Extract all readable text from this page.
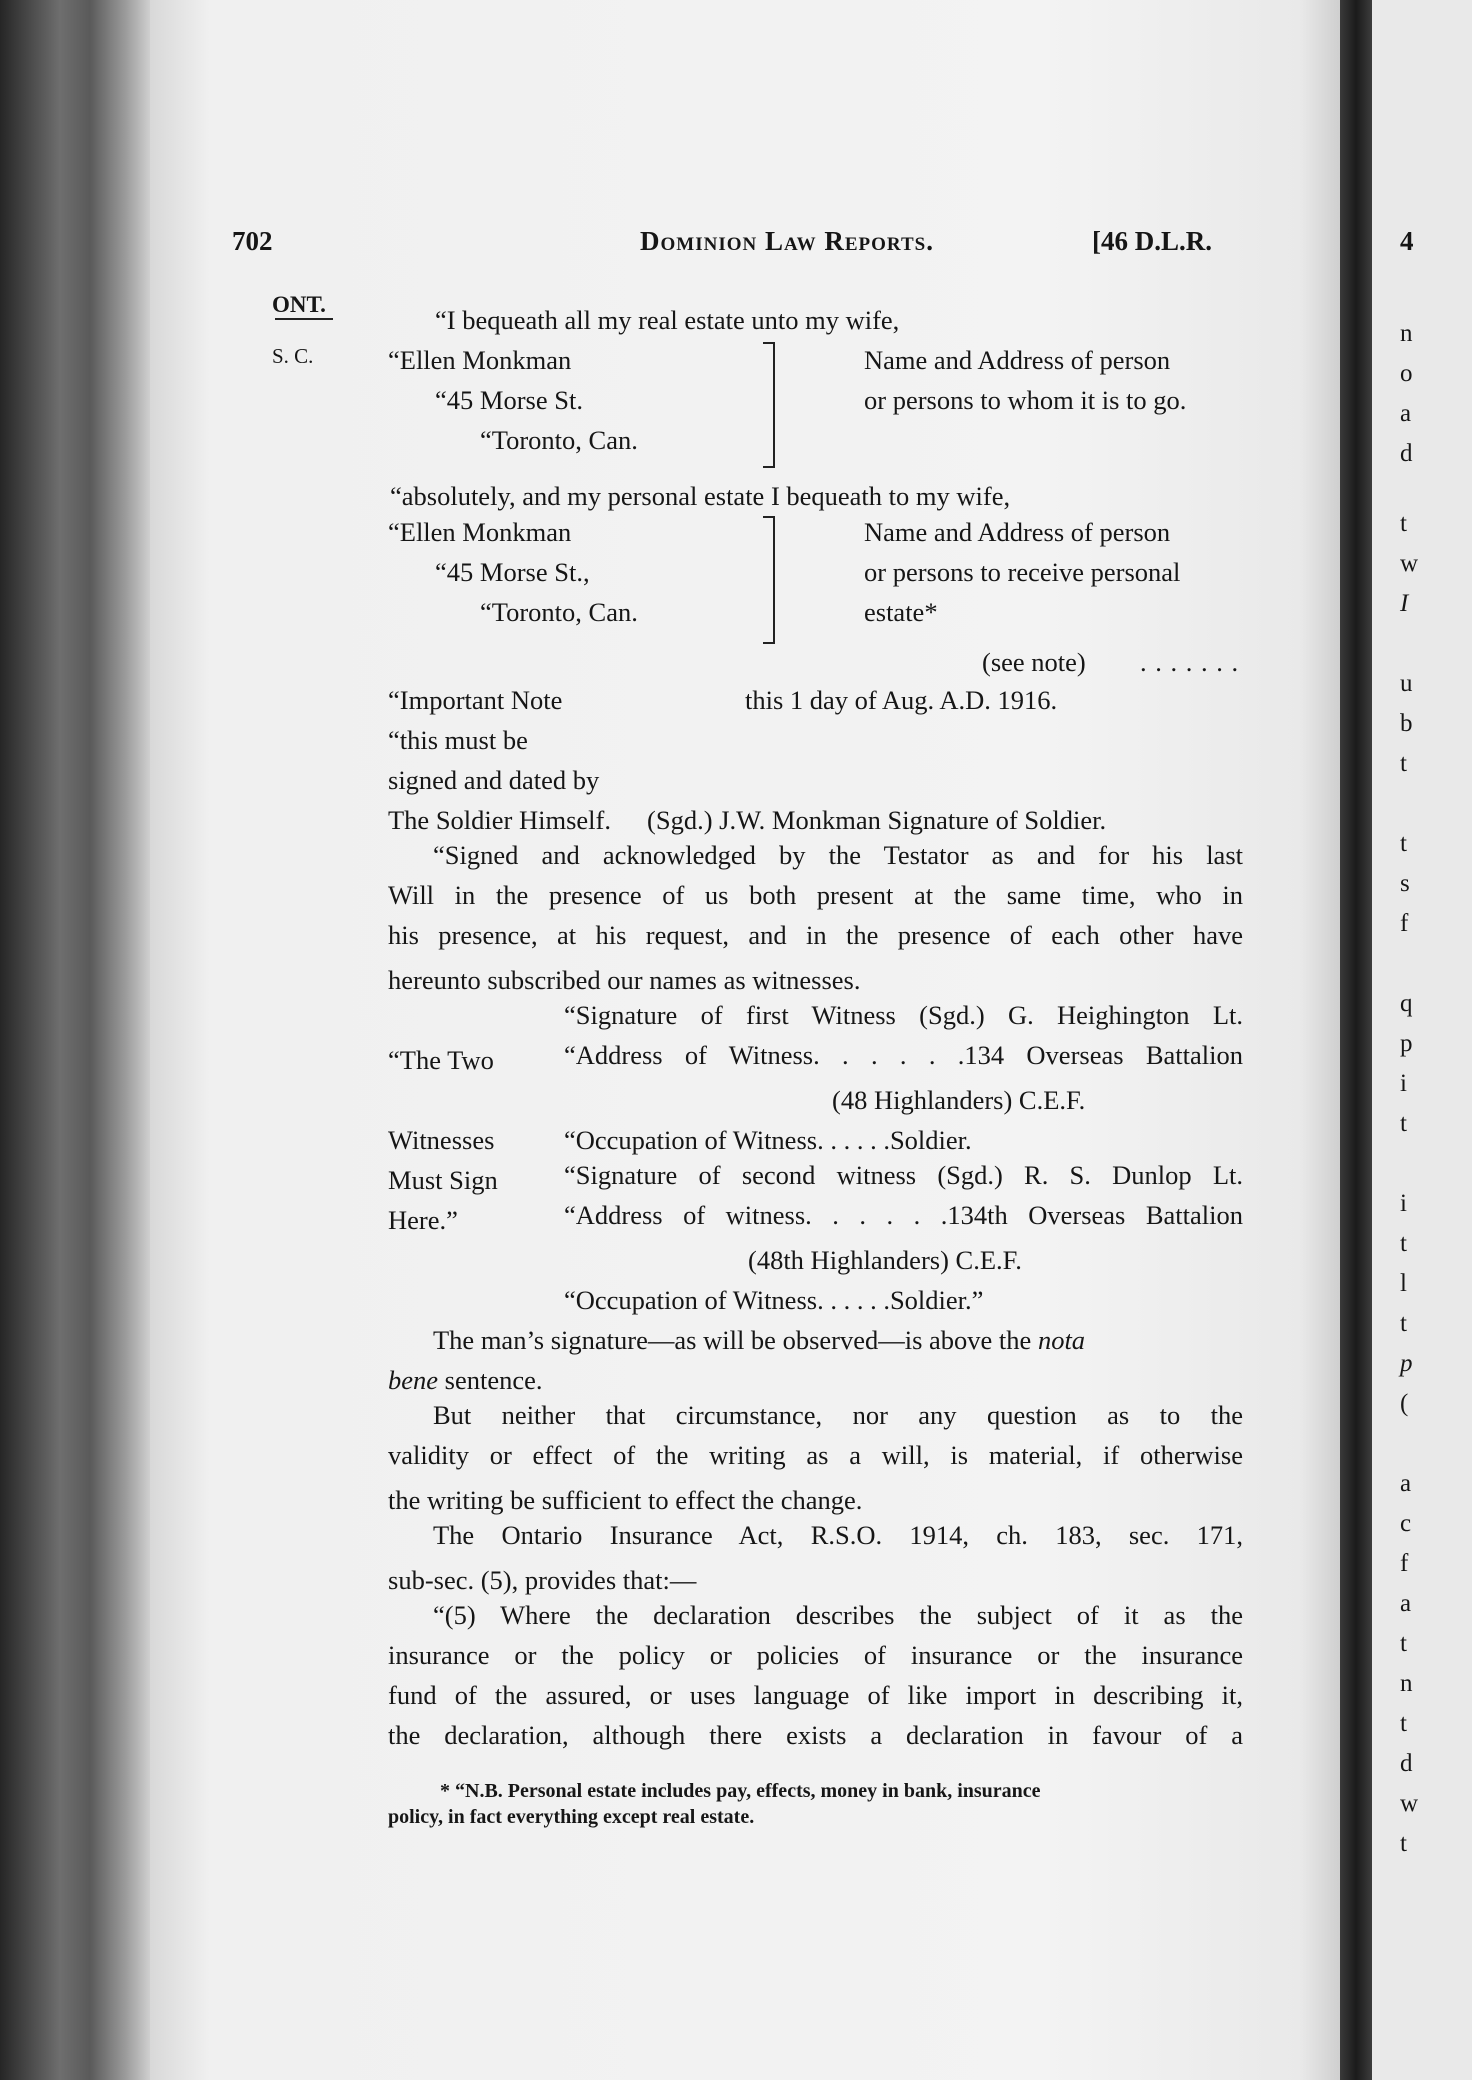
702	Dominion Law Reports.	[46 D.L.R.
ONT.
S. C.
“I bequeath all my real estate unto my wife,
“Ellen Monkman
“45 Morse St.
“Toronto, Can.
Name and Address of person
or persons to whom it is to go.
“absolutely, and my personal estate I bequeath to my wife,
“Ellen Monkman
“45 Morse St.,
“Toronto, Can.
Name and Address of person
or persons to receive personal
estate*
(see note) . . . . . . .
“Important Note
“this must be
signed and dated by
The Soldier Himself.
this 1 day of Aug. A.D. 1916.
(Sgd.) J.W. Monkman Signature of Soldier.
“Signed and acknowledged by the Testator as and for his last
Will in the presence of us both present at the same time, who in
his presence, at his request, and in the presence of each other have
hereunto subscribed our names as witnesses.
“The Two
Witnesses
Must Sign
Here.”
“Signature of first Witness (Sgd.) G. Heighington Lt.
“Address of Witness. . . . . .134 Overseas Battalion
(48 Highlanders) C.E.F.
“Occupation of Witness. . . . . .Soldier.
“Signature of second witness (Sgd.) R. S. Dunlop Lt.
“Address of witness. . . . . .134th Overseas Battalion
(48th Highlanders) C.E.F.
“Occupation of Witness. . . . . .Soldier.”
The man’s signature—as will be observed—is above the nota
bene sentence.
But neither that circumstance, nor any question as to the
validity or effect of the writing as a will, is material, if otherwise
the writing be sufficient to effect the change.
The Ontario Insurance Act, R.S.O. 1914, ch. 183, sec. 171,
sub-sec. (5), provides that:—
“(5) Where the declaration describes the subject of it as the
insurance or the policy or policies of insurance or the insurance
fund of the assured, or uses language of like import in describing it,
the declaration, although there exists a declaration in favour of a
* “N.B. Personal estate includes pay, effects, money in bank, insurance
policy, in fact everything except real estate.
4
n
o
a
d
t
w
I
u
b
t
t
s
f
q
p
i
t
i
t
l
t
p
(
a
c
f
a
t
n
t
d
w
t
